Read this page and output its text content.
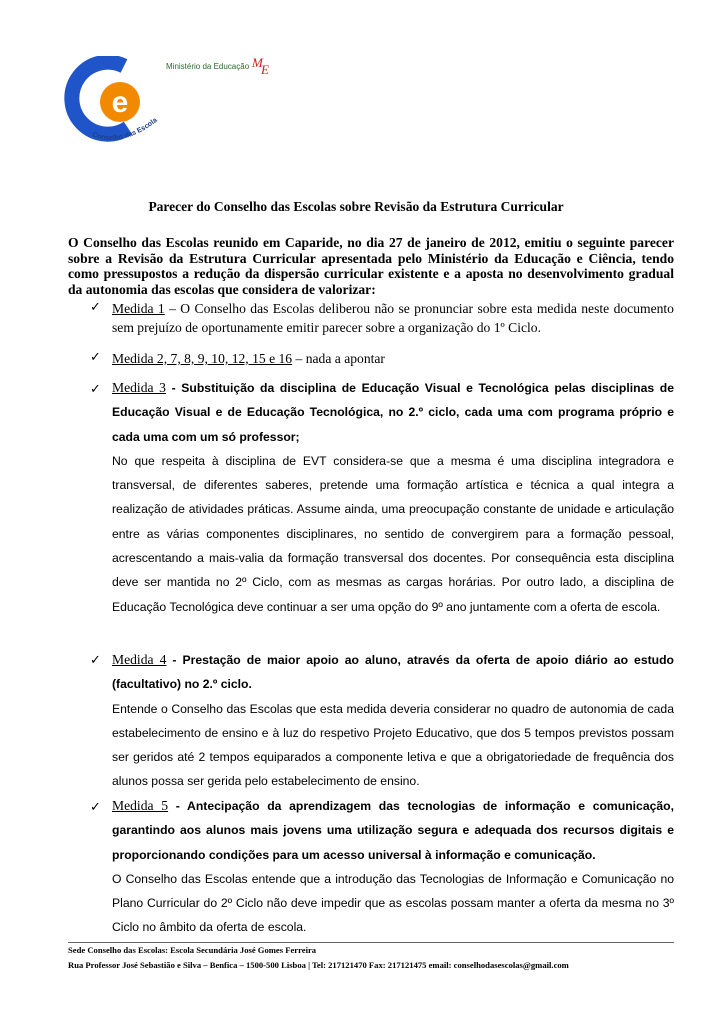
e
Conselho das Escola
Ministério da Educação M
E
Parecer do Conselho das Escolas sobre Revisão da Estrutura Curricular
O Conselho das Escolas reunido em Caparide, no dia 27 de janeiro de 2012, emitiu o seguinte parecer sobre a Revisão da Estrutura Curricular apresentada pelo Ministério da Educação e Ciência, tendo como pressupostos a redução da dispersão curricular existente e a aposta no desenvolvimento gradual da autonomia das escolas que considera de valorizar:
✓ Medida 1 – O Conselho das Escolas deliberou não se pronunciar sobre esta medida neste documento sem prejuízo de oportunamente emitir parecer sobre a organização do 1º Ciclo.
✓ Medida 2, 7, 8, 9, 10, 12, 15 e 16 – nada a apontar
✓ Medida 3 - Substituição da disciplina de Educação Visual e Tecnológica pelas disciplinas de Educação Visual e de Educação Tecnológica, no 2.º ciclo, cada uma com programa próprio e cada uma com um só professor;
No que respeita à disciplina de EVT considera-se que a mesma é uma disciplina integradora e transversal, de diferentes saberes, pretende uma formação artística e técnica a qual integra a realização de atividades práticas. Assume ainda, uma preocupação constante de unidade e articulação entre as várias componentes disciplinares, no sentido de convergirem para a formação pessoal, acrescentando a mais-valia da formação transversal dos docentes. Por consequência esta disciplina deve ser mantida no 2º Ciclo, com as mesmas as cargas horárias. Por outro lado, a disciplina de Educação Tecnológica deve continuar a ser uma opção do 9º ano juntamente com a oferta de escola.
✓ Medida 4 - Prestação de maior apoio ao aluno, através da oferta de apoio diário ao estudo (facultativo) no 2.º ciclo.
Entende o Conselho das Escolas que esta medida deveria considerar no quadro de autonomia de cada estabelecimento de ensino e à luz do respetivo Projeto Educativo, que dos 5 tempos previstos possam ser geridos até 2 tempos equiparados a componente letiva e que a obrigatoriedade de frequência dos alunos possa ser gerida pelo estabelecimento de ensino.
✓ Medida 5 - Antecipação da aprendizagem das tecnologias de informação e comunicação, garantindo aos alunos mais jovens uma utilização segura e adequada dos recursos digitais e proporcionando condições para um acesso universal à informação e comunicação.
O Conselho das Escolas entende que a introdução das Tecnologias de Informação e Comunicação no Plano Curricular do 2º Ciclo não deve impedir que as escolas possam manter a oferta da mesma no 3º Ciclo no âmbito da oferta de escola.
Sede Conselho das Escolas: Escola Secundária José Gomes Ferreira
Rua Professor José Sebastião e Silva – Benfica – 1500-500 Lisboa | Tel: 217121470 Fax: 217121475 email: conselhodasescolas@gmail.com
